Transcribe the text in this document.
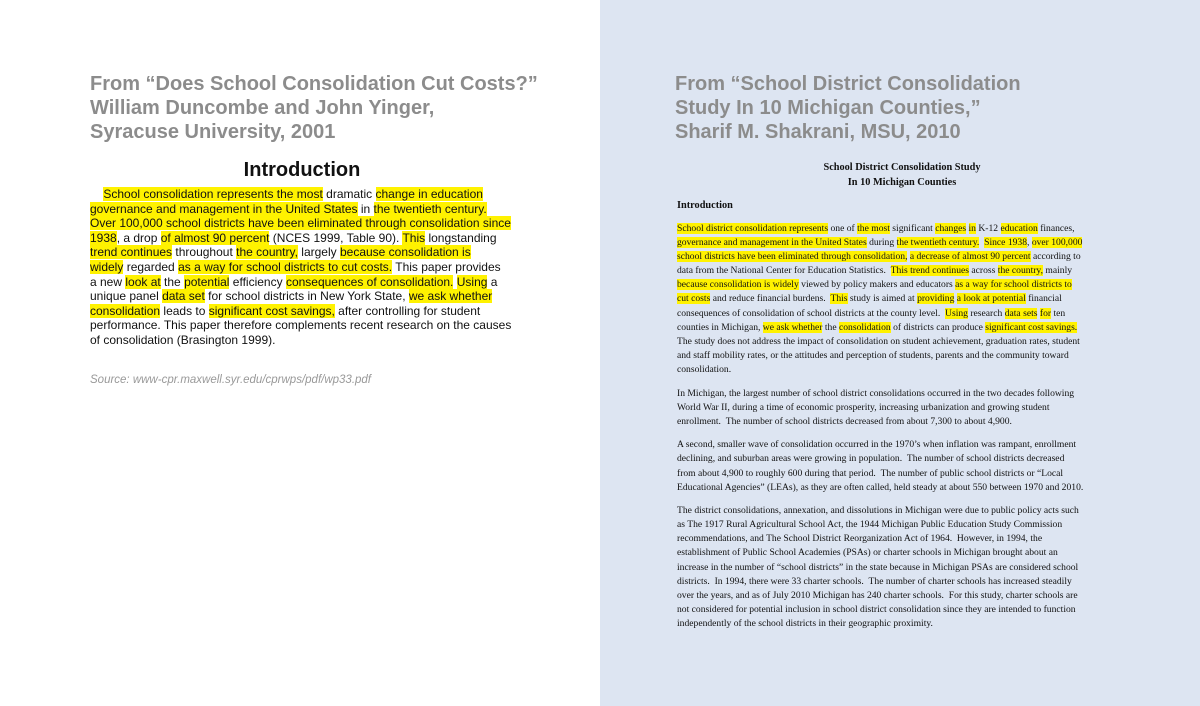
From “Does School Consolidation Cut Costs?”
William Duncombe and John Yinger,
Syracuse University, 2001
Introduction

School consolidation represents the most dramatic change in education
governance and management in the United States in the twentieth century.
Over 100,000 school districts have been eliminated through consolidation since
1938, a drop of almost 90 percent (NCES 1999, Table 90). This longstanding
trend continues throughout the country, largely because consolidation is
widely regarded as a way for school districts to cut costs. This paper provides
a new look at the potential efficiency consequences of consolidation. Using a
unique panel data set for school districts in New York State, we ask whether
consolidation leads to significant cost savings, after controlling for student
performance. This paper therefore complements recent research on the causes
of consolidation (Brasington 1999).

Source: www-cpr.maxwell.syr.edu/cprwps/pdf/wp33.pdf

From “School District Consolidation
Study In 10 Michigan Counties,”
Sharif M. Shakrani, MSU, 2010
School District Consolidation Study
In 10 Michigan Counties
Introduction

School district consolidation represents one of the most significant changes in K-12 education finances,
governance and management in the United States during the twentieth century. Since 1938, over 100,000
school districts have been eliminated through consolidation, a decrease of almost 90 percent according to
data from the National Center for Education Statistics.  This trend continues across the country, mainly
because consolidation is widely viewed by policy makers and educators as a way for school districts to
cut costs and reduce financial burdens.  This study is aimed at providing a look at potential financial
consequences of consolidation of school districts at the county level.  Using research data sets for ten
counties in Michigan, we ask whether the consolidation of districts can produce significant cost savings.
The study does not address the impact of consolidation on student achievement, graduation rates, student
and staff mobility rates, or the attitudes and perception of students, parents and the community toward
consolidation.

In Michigan, the largest number of school district consolidations occurred in the two decades following
World War II, during a time of economic prosperity, increasing urbanization and growing student
enrollment.  The number of school districts decreased from about 7,300 to about 4,900.

A second, smaller wave of consolidation occurred in the 1970’s when inflation was rampant, enrollment
declining, and suburban areas were growing in population.  The number of school districts decreased
from about 4,900 to roughly 600 during that period.  The number of public school districts or “Local
Educational Agencies” (LEAs), as they are often called, held steady at about 550 between 1970 and 2010.

The district consolidations, annexation, and dissolutions in Michigan were due to public policy acts such
as The 1917 Rural Agricultural School Act, the 1944 Michigan Public Education Study Commission
recommendations, and The School District Reorganization Act of 1964.  However, in 1994, the
establishment of Public School Academies (PSAs) or charter schools in Michigan brought about an
increase in the number of “school districts” in the state because in Michigan PSAs are considered school
districts.  In 1994, there were 33 charter schools.  The number of charter schools has increased steadily
over the years, and as of July 2010 Michigan has 240 charter schools.  For this study, charter schools are
not considered for potential inclusion in school district consolidation since they are intended to function
independently of the school districts in their geographic proximity.
